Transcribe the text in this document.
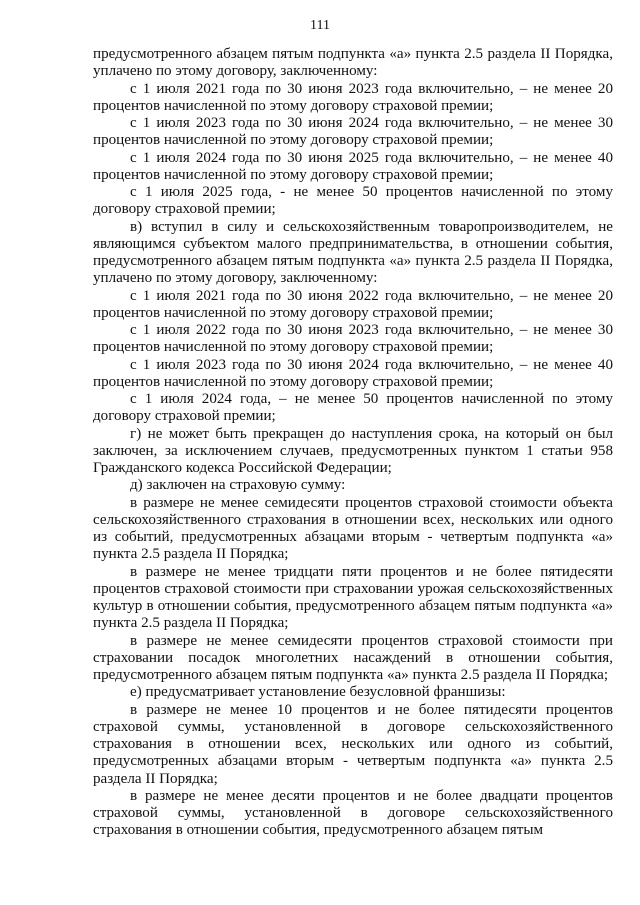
111

предусмотренного абзацем пятым подпункта «а» пункта 2.5 раздела II Порядка, уплачено по этому договору, заключенному:

с 1 июля 2021 года по 30 июня 2023 года включительно, – не менее 20 процентов начисленной по этому договору страховой премии;

с 1 июля 2023 года по 30 июня 2024 года включительно, – не менее 30 процентов начисленной по этому договору страховой премии;

с 1 июля 2024 года по 30 июня 2025 года включительно, – не менее 40 процентов начисленной по этому договору страховой премии;

с 1 июля 2025 года, - не менее 50 процентов начисленной по этому договору страховой премии;

в) вступил в силу и сельскохозяйственным товаропроизводителем, не являющимся субъектом малого предпринимательства, в отношении события, предусмотренного абзацем пятым подпункта «а» пункта 2.5 раздела II Порядка, уплачено по этому договору, заключенному:

с 1 июля 2021 года по 30 июня 2022 года включительно, – не менее 20 процентов начисленной по этому договору страховой премии;

с 1 июля 2022 года по 30 июня 2023 года включительно, – не менее 30 процентов начисленной по этому договору страховой премии;

с 1 июля 2023 года по 30 июня 2024 года включительно, – не менее 40 процентов начисленной по этому договору страховой премии;

с 1 июля 2024 года, – не менее 50 процентов начисленной по этому договору страховой премии;

г) не может быть прекращен до наступления срока, на который он был заключен, за исключением случаев, предусмотренных пунктом 1 статьи 958 Гражданского кодекса Российской Федерации;

д) заключен на страховую сумму:

в размере не менее семидесяти процентов страховой стоимости объекта сельскохозяйственного страхования в отношении всех, нескольких или одного из событий, предусмотренных абзацами вторым - четвертым подпункта «а» пункта 2.5 раздела II Порядка;

в размере не менее тридцати пяти процентов и не более пятидесяти процентов страховой стоимости при страховании урожая сельскохозяйственных культур в отношении события, предусмотренного абзацем пятым подпункта «а» пункта 2.5 раздела II Порядка;

в размере не менее семидесяти процентов страховой стоимости при страховании посадок многолетних насаждений в отношении события, предусмотренного абзацем пятым подпункта «а» пункта 2.5 раздела II Порядка;

е) предусматривает установление безусловной франшизы:

в размере не менее 10 процентов и не более пятидесяти процентов страховой суммы, установленной в договоре сельскохозяйственного страхования в отношении всех, нескольких или одного из событий, предусмотренных абзацами вторым - четвертым подпункта «а» пункта 2.5 раздела II Порядка;

в размере не менее десяти процентов и не более двадцати процентов страховой суммы, установленной в договоре сельскохозяйственного страхования в отношении события, предусмотренного абзацем пятым
